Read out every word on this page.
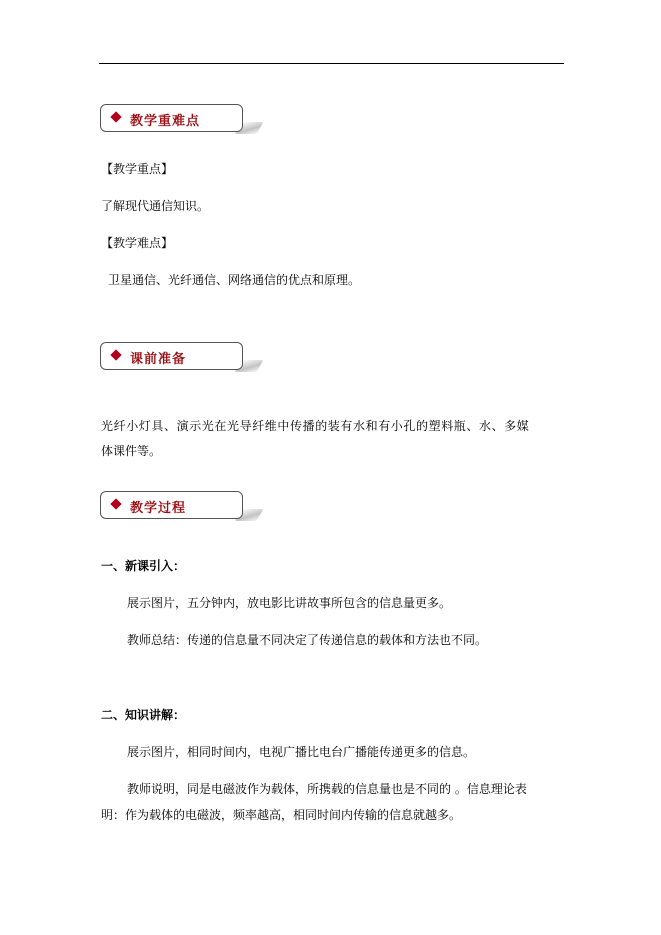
教学重难点
【教学重点】
了解现代通信知识。
【教学难点】
卫星通信、光纤通信、网络通信的优点和原理。
课前准备
光纤小灯具、演示光在光导纤维中传播的装有水和有小孔的塑料瓶、水、多媒
体课件等。
教学过程
一、新课引入：
展示图片，五分钟内，放电影比讲故事所包含的信息量更多。
教师总结：传递的信息量不同决定了传递信息的载体和方法也不同。
二、知识讲解：
展示图片，相同时间内，电视广播比电台广播能传递更多的信息。
教师说明，同是电磁波作为载体，所携载的信息量也是不同的 。信息理论表
明：作为载体的电磁波，频率越高，相同时间内传输的信息就越多。
